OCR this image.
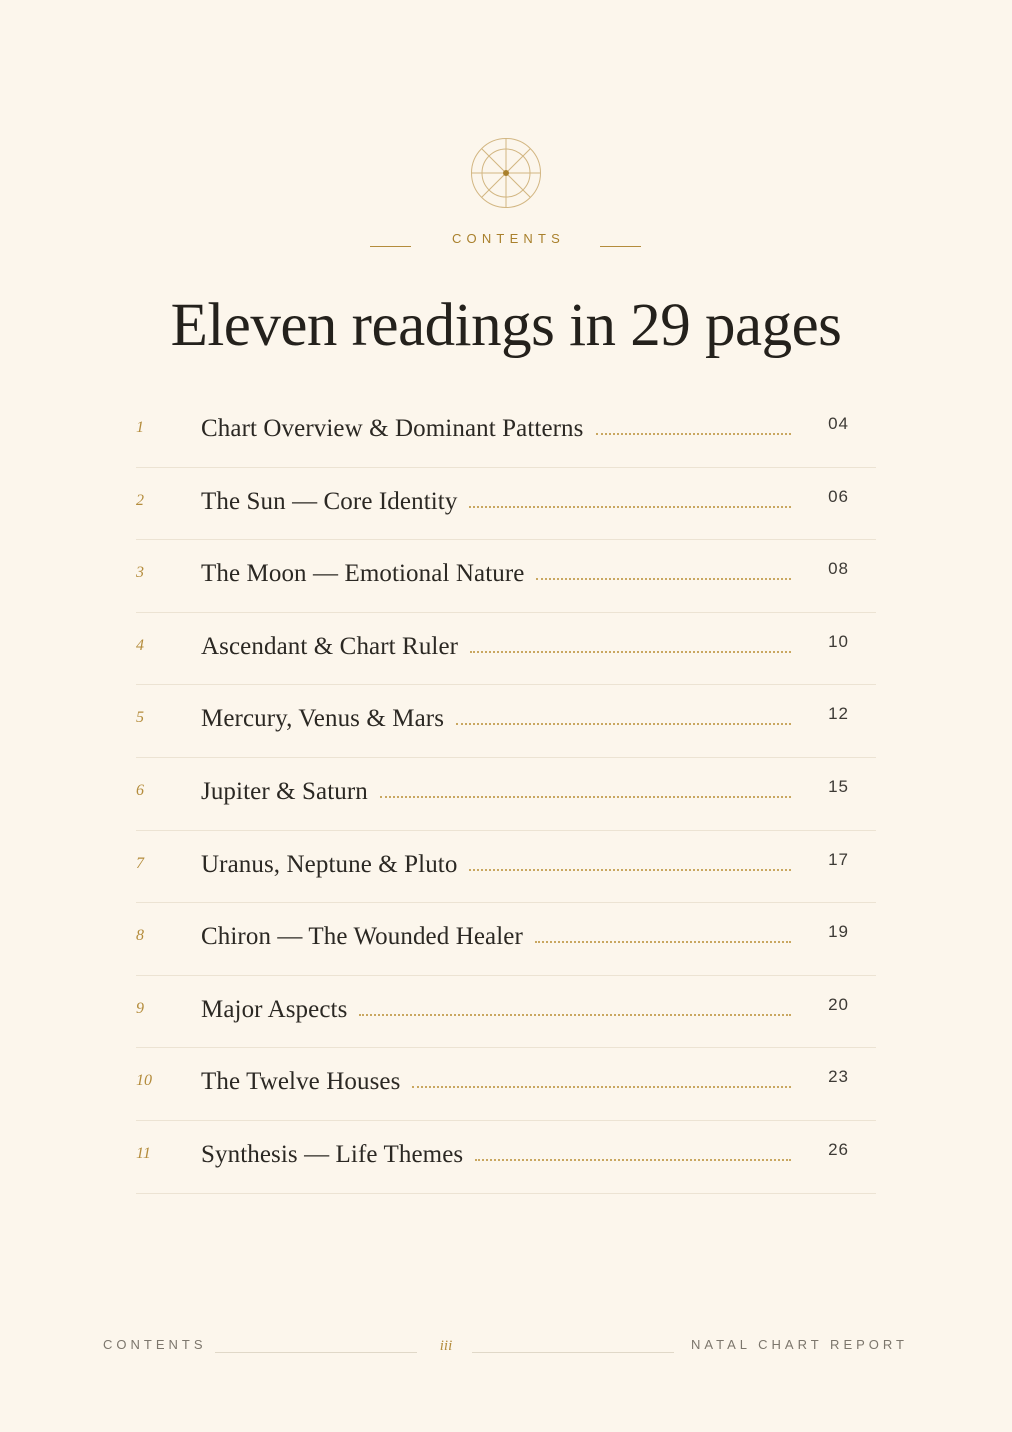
CONTENTS
Eleven readings in 29 pages
1 Chart Overview & Dominant Patterns	04
2 The Sun — Core Identity	06
3 The Moon — Emotional Nature	08
4 Ascendant & Chart Ruler	10
5 Mercury, Venus & Mars	12
6 Jupiter & Saturn	15
7 Uranus, Neptune & Pluto	17
8 Chiron — The Wounded Healer	19
9 Major Aspects	20
10 The Twelve Houses	23
11 Synthesis — Life Themes	26
CONTENTS	iii	NATAL CHART REPORT
